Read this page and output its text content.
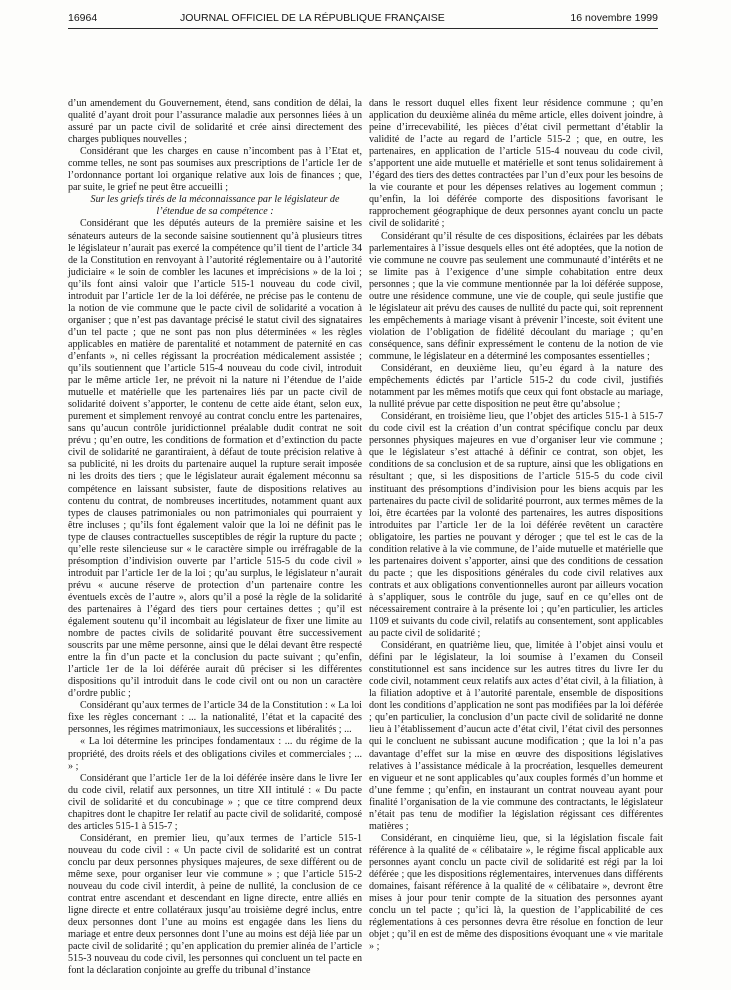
16964	JOURNAL OFFICIEL DE LA RÉPUBLIQUE FRANÇAISE	16 novembre 1999

d’un amendement du Gouvernement, étend, sans condition de délai, la qualité d’ayant droit pour l’assurance maladie aux personnes liées à un assuré par un pacte civil de solidarité et crée ainsi directement des charges publiques nouvelles ;

Considérant que les charges en cause n’incombent pas à l’Etat et, comme telles, ne sont pas soumises aux prescriptions de l’article 1er de l’ordonnance portant loi organique relative aux lois de finances ; que, par suite, le grief ne peut être accueilli ;

Sur les griefs tirés de la méconnaissance par le législateur de l’étendue de sa compétence :

Considérant que les députés auteurs de la première saisine et les sénateurs auteurs de la seconde saisine soutiennent qu’à plusieurs titres le législateur n’aurait pas exercé la compétence qu’il tient de l’article 34 de la Constitution en renvoyant à l’autorité réglementaire ou à l’autorité judiciaire « le soin de combler les lacunes et imprécisions » de la loi ; qu’ils font ainsi valoir que l’article 515-1 nouveau du code civil, introduit par l’article 1er de la loi déférée, ne précise pas le contenu de la notion de vie commune que le pacte civil de solidarité a vocation à organiser ; que n’est pas davantage précisé le statut civil des signataires d’un tel pacte ; que ne sont pas non plus déterminées « les règles applicables en matière de parentalité et notamment de paternité en cas d’enfants », ni celles régissant la procréation médicalement assistée ; qu’ils soutiennent que l’article 515-4 nouveau du code civil, introduit par le même article 1er, ne prévoit ni la nature ni l’étendue de l’aide mutuelle et matérielle que les partenaires liés par un pacte civil de solidarité doivent s’apporter, le contenu de cette aide étant, selon eux, purement et simplement renvoyé au contrat conclu entre les partenaires, sans qu’aucun contrôle juridictionnel préalable dudit contrat ne soit prévu ; qu’en outre, les conditions de formation et d’extinction du pacte civil de solidarité ne garantiraient, à défaut de toute précision relative à sa publicité, ni les droits du partenaire auquel la rupture serait imposée ni les droits des tiers ; que le législateur aurait également méconnu sa compétence en laissant subsister, faute de dispositions relatives au contenu du contrat, de nombreuses incertitudes, notamment quant aux types de clauses patrimoniales ou non patrimoniales qui pourraient y être incluses ; qu’ils font également valoir que la loi ne définit pas le type de clauses contractuelles susceptibles de régir la rupture du pacte ; qu’elle reste silencieuse sur « le caractère simple ou irréfragable de la présomption d’indivision ouverte par l’article 515-5 du code civil » introduit par l’article 1er de la loi ; qu’au surplus, le législateur n’aurait prévu « aucune réserve de protection d’un partenaire contre les éventuels excès de l’autre », alors qu’il a posé la règle de la solidarité des partenaires à l’égard des tiers pour certaines dettes ; qu’il est également soutenu qu’il incombait au législateur de fixer une limite au nombre de pactes civils de solidarité pouvant être successivement souscrits par une même personne, ainsi que le délai devant être respecté entre la fin d’un pacte et la conclusion du pacte suivant ; qu’enfin, l’article 1er de la loi déférée aurait dû préciser si les différentes dispositions qu’il introduit dans le code civil ont ou non un caractère d’ordre public ;

Considérant qu’aux termes de l’article 34 de la Constitution : « La loi fixe les règles concernant : ... la nationalité, l’état et la capacité des personnes, les régimes matrimoniaux, les successions et libéralités ; ...

« La loi détermine les principes fondamentaux : ... du régime de la propriété, des droits réels et des obligations civiles et commerciales ; ... » ;

Considérant que l’article 1er de la loi déférée insère dans le livre Ier du code civil, relatif aux personnes, un titre XII intitulé : « Du pacte civil de solidarité et du concubinage » ; que ce titre comprend deux chapitres dont le chapitre Ier relatif au pacte civil de solidarité, composé des articles 515-1 à 515-7 ;

Considérant, en premier lieu, qu’aux termes de l’article 515-1 nouveau du code civil : « Un pacte civil de solidarité est un contrat conclu par deux personnes physiques majeures, de sexe différent ou de même sexe, pour organiser leur vie commune » ; que l’article 515-2 nouveau du code civil interdit, à peine de nullité, la conclusion de ce contrat entre ascendant et descendant en ligne directe, entre alliés en ligne directe et entre collatéraux jusqu’au troisième degré inclus, entre deux personnes dont l’une au moins est engagée dans les liens du mariage et entre deux personnes dont l’une au moins est déjà liée par un pacte civil de solidarité ; qu’en application du premier alinéa de l’article 515-3 nouveau du code civil, les personnes qui concluent un tel pacte en font la déclaration conjointe au greffe du tribunal d’instance

dans le ressort duquel elles fixent leur résidence commune ; qu’en application du deuxième alinéa du même article, elles doivent joindre, à peine d’irrecevabilité, les pièces d’état civil permettant d’établir la validité de l’acte au regard de l’article 515-2 ; que, en outre, les partenaires, en application de l’article 515-4 nouveau du code civil, s’apportent une aide mutuelle et matérielle et sont tenus solidairement à l’égard des tiers des dettes contractées par l’un d’eux pour les besoins de la vie courante et pour les dépenses relatives au logement commun ; qu’enfin, la loi déférée comporte des dispositions favorisant le rapprochement géographique de deux personnes ayant conclu un pacte civil de solidarité ;

Considérant qu’il résulte de ces dispositions, éclairées par les débats parlementaires à l’issue desquels elles ont été adoptées, que la notion de vie commune ne couvre pas seulement une communauté d’intérêts et ne se limite pas à l’exigence d’une simple cohabitation entre deux personnes ; que la vie commune mentionnée par la loi déférée suppose, outre une résidence commune, une vie de couple, qui seule justifie que le législateur ait prévu des causes de nullité du pacte qui, soit reprennent les empêchements à mariage visant à prévenir l’inceste, soit évitent une violation de l’obligation de fidélité découlant du mariage ; qu’en conséquence, sans définir expressément le contenu de la notion de vie commune, le législateur en a déterminé les composantes essentielles ;

Considérant, en deuxième lieu, qu’eu égard à la nature des empêchements édictés par l’article 515-2 du code civil, justifiés notamment par les mêmes motifs que ceux qui font obstacle au mariage, la nullité prévue par cette disposition ne peut être qu’absolue ;

Considérant, en troisième lieu, que l’objet des articles 515-1 à 515-7 du code civil est la création d’un contrat spécifique conclu par deux personnes physiques majeures en vue d’organiser leur vie commune ; que le législateur s’est attaché à définir ce contrat, son objet, les conditions de sa conclusion et de sa rupture, ainsi que les obligations en résultant ; que, si les dispositions de l’article 515-5 du code civil instituant des présomptions d’indivision pour les biens acquis par les partenaires du pacte civil de solidarité pourront, aux termes mêmes de la loi, être écartées par la volonté des partenaires, les autres dispositions introduites par l’article 1er de la loi déférée revêtent un caractère obligatoire, les parties ne pouvant y déroger ; que tel est le cas de la condition relative à la vie commune, de l’aide mutuelle et matérielle que les partenaires doivent s’apporter, ainsi que des conditions de cessation du pacte ; que les dispositions générales du code civil relatives aux contrats et aux obligations conventionnelles auront par ailleurs vocation à s’appliquer, sous le contrôle du juge, sauf en ce qu’elles ont de nécessairement contraire à la présente loi ; qu’en particulier, les articles 1109 et suivants du code civil, relatifs au consentement, sont applicables au pacte civil de solidarité ;

Considérant, en quatrième lieu, que, limitée à l’objet ainsi voulu et défini par le législateur, la loi soumise à l’examen du Conseil constitutionnel est sans incidence sur les autres titres du livre Ier du code civil, notamment ceux relatifs aux actes d’état civil, à la filiation, à la filiation adoptive et à l’autorité parentale, ensemble de dispositions dont les conditions d’application ne sont pas modifiées par la loi déférée ; qu’en particulier, la conclusion d’un pacte civil de solidarité ne donne lieu à l’établissement d’aucun acte d’état civil, l’état civil des personnes qui le concluent ne subissant aucune modification ; que la loi n’a pas davantage d’effet sur la mise en œuvre des dispositions législatives relatives à l’assistance médicale à la procréation, lesquelles demeurent en vigueur et ne sont applicables qu’aux couples formés d’un homme et d’une femme ; qu’enfin, en instaurant un contrat nouveau ayant pour finalité l’organisation de la vie commune des contractants, le législateur n’était pas tenu de modifier la législation régissant ces différentes matières ;

Considérant, en cinquième lieu, que, si la législation fiscale fait référence à la qualité de « célibataire », le régime fiscal applicable aux personnes ayant conclu un pacte civil de solidarité est régi par la loi déférée ; que les dispositions réglementaires, intervenues dans différents domaines, faisant référence à la qualité de « célibataire », devront être mises à jour pour tenir compte de la situation des personnes ayant conclu un tel pacte ; qu’ici là, la question de l’applicabilité de ces réglementations à ces personnes devra être résolue en fonction de leur objet ; qu’il en est de même des dispositions évoquant une « vie maritale » ;
